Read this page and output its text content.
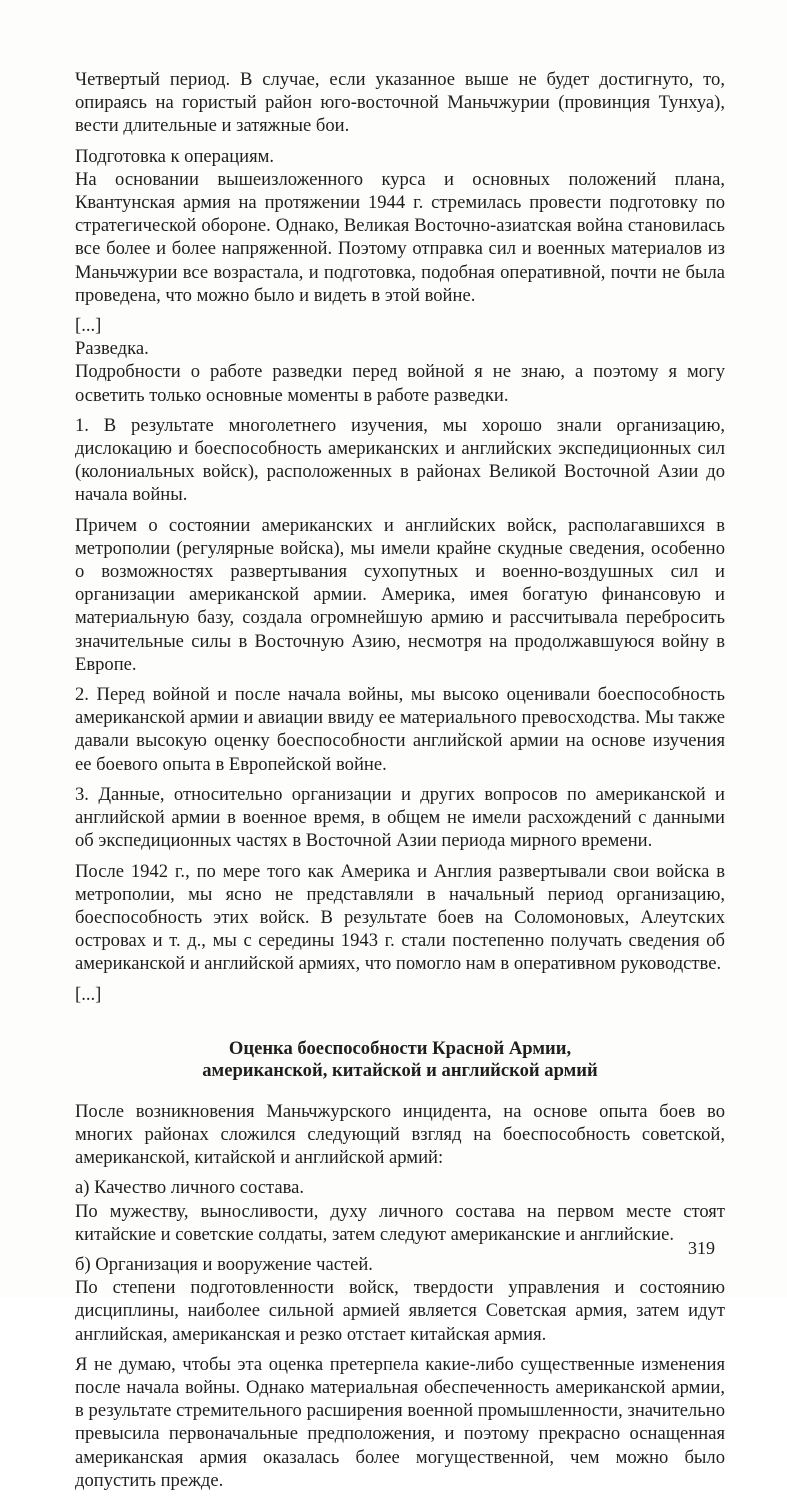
Четвертый период. В случае, если указанное выше не будет достигнуто, то, опираясь на гористый район юго-восточной Маньчжурии (провинция Тунхуа), вести длительные и затяжные бои.

Подготовка к операциям.

На основании вышеизложенного курса и основных положений плана, Квантунская армия на протяжении 1944 г. стремилась провести подготовку по стратегической обороне. Однако, Великая Восточно-азиатская война становилась все более и более напряженной. Поэтому отправка сил и военных материалов из Маньчжурии все возрастала, и подготовка, подобная оперативной, почти не была проведена, что можно было и видеть в этой войне.

[...]

Разведка.

Подробности о работе разведки перед войной я не знаю, а поэтому я могу осветить только основные моменты в работе разведки.

1. В результате многолетнего изучения, мы хорошо знали организацию, дислокацию и боеспособность американских и английских экспедиционных сил (колониальных войск), расположенных в районах Великой Восточной Азии до начала войны.

Причем о состоянии американских и английских войск, располагавшихся в метрополии (регулярные войска), мы имели крайне скудные сведения, особенно о возможностях развертывания сухопутных и военно-воздушных сил и организации американской армии. Америка, имея богатую финансовую и материальную базу, создала огромнейшую армию и рассчитывала перебросить значительные силы в Восточную Азию, несмотря на продолжавшуюся войну в Европе.

2. Перед войной и после начала войны, мы высоко оценивали боеспособность американской армии и авиации ввиду ее материального превосходства. Мы также давали высокую оценку боеспособности английской армии на основе изучения ее боевого опыта в Европейской войне.

3. Данные, относительно организации и других вопросов по американской и английской армии в военное время, в общем не имели расхождений с данными об экспедиционных частях в Восточной Азии периода мирного времени.

После 1942 г., по мере того как Америка и Англия развертывали свои войска в метрополии, мы ясно не представляли в начальный период организацию, боеспособность этих войск. В результате боев на Соломоновых, Алеутских островах и т. д., мы с середины 1943 г. стали постепенно получать сведения об американской и английской армиях, что помогло нам в оперативном руководстве.

[...]

Оценка боеспособности Красной Армии,
американской, китайской и английской армий

После возникновения Маньчжурского инцидента, на основе опыта боев во многих районах сложился следующий взгляд на боеспособность советской, американской, китайской и английской армий:

а) Качество личного состава.

По мужеству, выносливости, духу личного состава на первом месте стоят китайские и советские солдаты, затем следуют американские и английские.

б) Организация и вооружение частей.

По степени подготовленности войск, твердости управления и состоянию дисциплины, наиболее сильной армией является Советская армия, затем идут английская, американская и резко отстает китайская армия.

Я не думаю, чтобы эта оценка претерпела какие-либо существенные изменения после начала войны. Однако материальная обеспеченность американской армии, в результате стремительного расширения военной промышленности, значительно превысила первоначальные предположения, и поэтому прекрасно оснащенная американская армия оказалась более могущественной, чем можно было допустить прежде.

319
